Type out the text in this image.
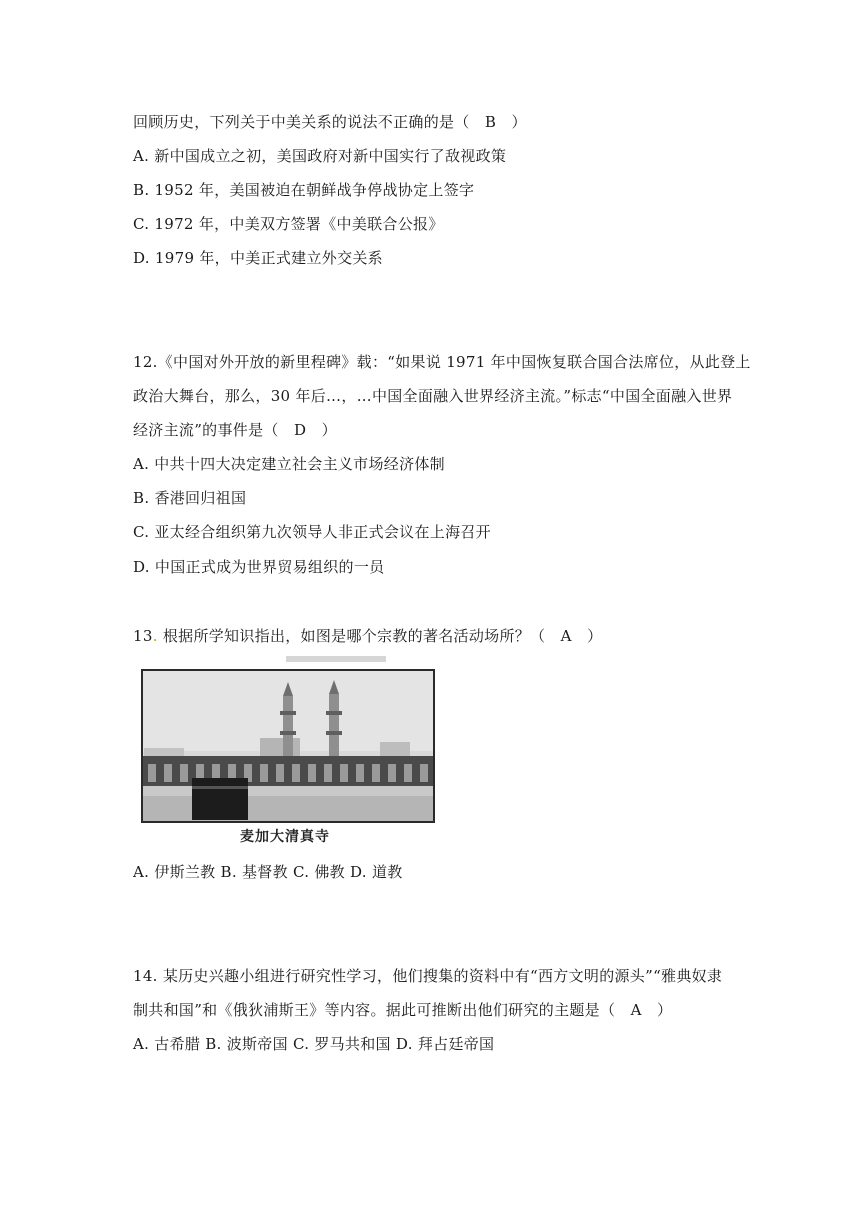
回顾历史，下列关于中美关系的说法不正确的是（　B　）
A. 新中国成立之初，美国政府对新中国实行了敌视政策
B. 1952 年，美国被迫在朝鲜战争停战协定上签字
C. 1972 年，中美双方签署《中美联合公报》
D. 1979 年，中美正式建立外交关系
12.《中国对外开放的新里程碑》载：“如果说 1971 年中国恢复联合国合法席位，从此登上
政治大舞台，那么，30 年后…，…中国全面融入世界经济主流。”标志“中国全面融入世界
经济主流”的事件是（　D　）
A. 中共十四大决定建立社会主义市场经济体制
B. 香港回归祖国
C. 亚太经合组织第九次领导人非正式会议在上海召开
D. 中国正式成为世界贸易组织的一员
13. 根据所学知识指出，如图是哪个宗教的著名活动场所？（　A　）
麦加大清真寺
A. 伊斯兰教 B. 基督教 C. 佛教 D. 道教
14. 某历史兴趣小组进行研究性学习，他们搜集的资料中有“西方文明的源头”“雅典奴隶
制共和国”和《俄狄浦斯王》等内容。据此可推断出他们研究的主题是（　A　）
A. 古希腊 B. 波斯帝国 C. 罗马共和国 D. 拜占廷帝国
